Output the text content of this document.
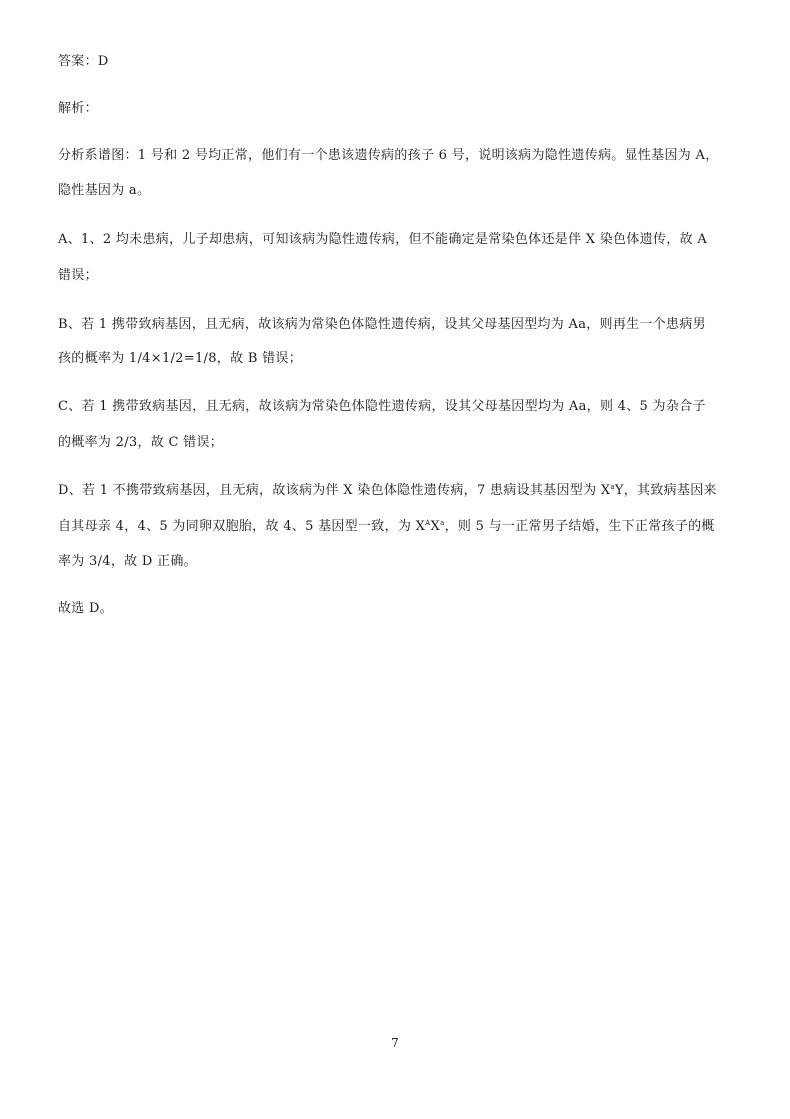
答案：D
解析：
分析系谱图：1 号和 2 号均正常，他们有一个患该遗传病的孩子 6 号，说明该病为隐性遗传病。显性基因为 A，
隐性基因为 a。
A、1、2 均未患病，儿子却患病，可知该病为隐性遗传病，但不能确定是常染色体还是伴 X 染色体遗传，故 A
错误；
B、若 1 携带致病基因，且无病，故该病为常染色体隐性遗传病，设其父母基因型均为 Aa，则再生一个患病男
孩的概率为 1/4×1/2=1/8，故 B 错误；
C、若 1 携带致病基因，且无病，故该病为常染色体隐性遗传病，设其父母基因型均为 Aa，则 4、5 为杂合子
的概率为 2/3，故 C 错误；
D、若 1 不携带致病基因，且无病，故该病为伴 X 染色体隐性遗传病，7 患病设其基因型为 $X^aY$，其致病基因来
自其母亲 4，4、5 为同卵双胞胎，故 4、5 基因型一致，为 $X^AX^a$，则 5 与一正常男子结婚，生下正常孩子的概
率为 3/4，故 D 正确。
故选 D。
7
